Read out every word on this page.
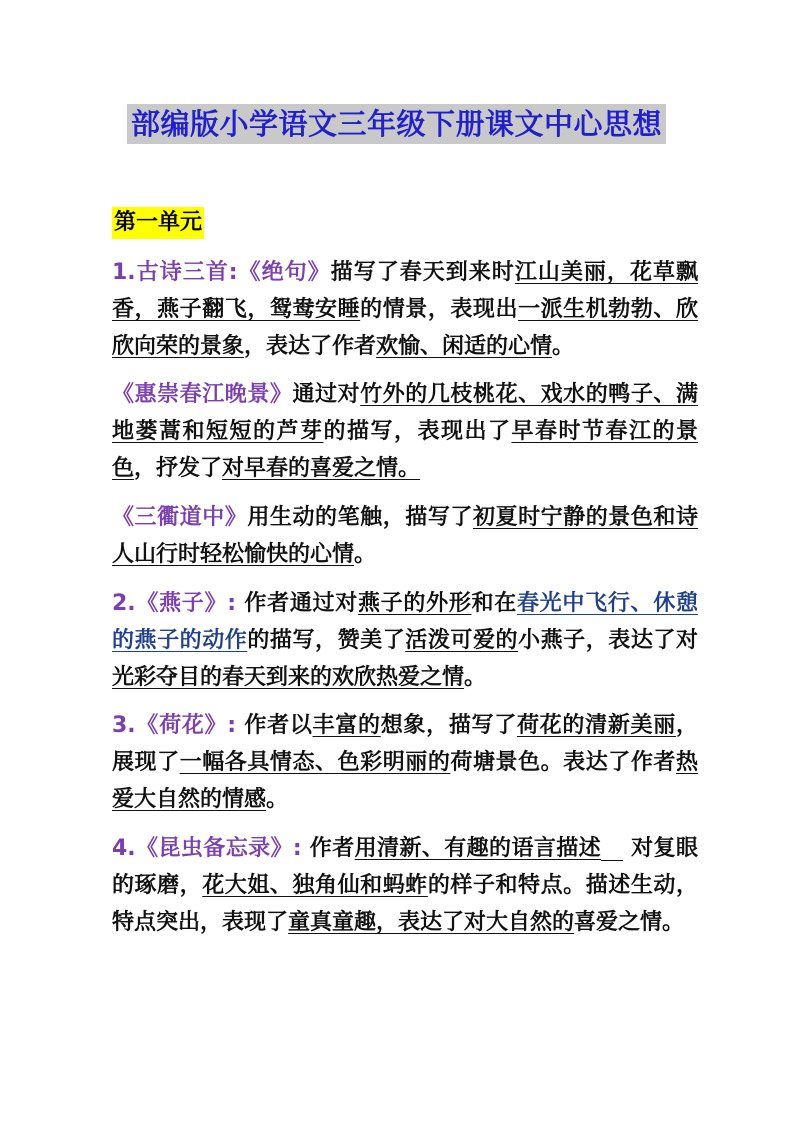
部编版小学语文三年级下册课文中心思想
第一单元
1.古诗三首:《绝句》描写了春天到来时江山美丽，花草飘香，燕子翻飞，鸳鸯安睡的情景，表现出一派生机勃勃、欣欣向荣的景象，表达了作者欢愉、闲适的心情。
《惠崇春江晚景》通过对竹外的几枝桃花、戏水的鸭子、满地蒌蒿和短短的芦芽的描写，表现出了早春时节春江的景色，抒发了对早春的喜爱之情。
《三衢道中》用生动的笔触，描写了初夏时宁静的景色和诗人山行时轻松愉快的心情。
2.《燕子》: 作者通过对燕子的外形和在春光中飞行、休憩的燕子的动作的描写，赞美了活泼可爱的小燕子，表达了对光彩夺目的春天到来的欢欣热爱之情。
3.《荷花》: 作者以丰富的想象，描写了荷花的清新美丽，展现了一幅各具情态、色彩明丽的荷塘景色。表达了作者热爱大自然的情感。
4.《昆虫备忘录》: 作者用清新、有趣的语言描述 对复眼的琢磨，花大姐、独角仙和蚂蚱的样子和特点。描述生动，特点突出，表现了童真童趣，表达了对大自然的喜爱之情。
